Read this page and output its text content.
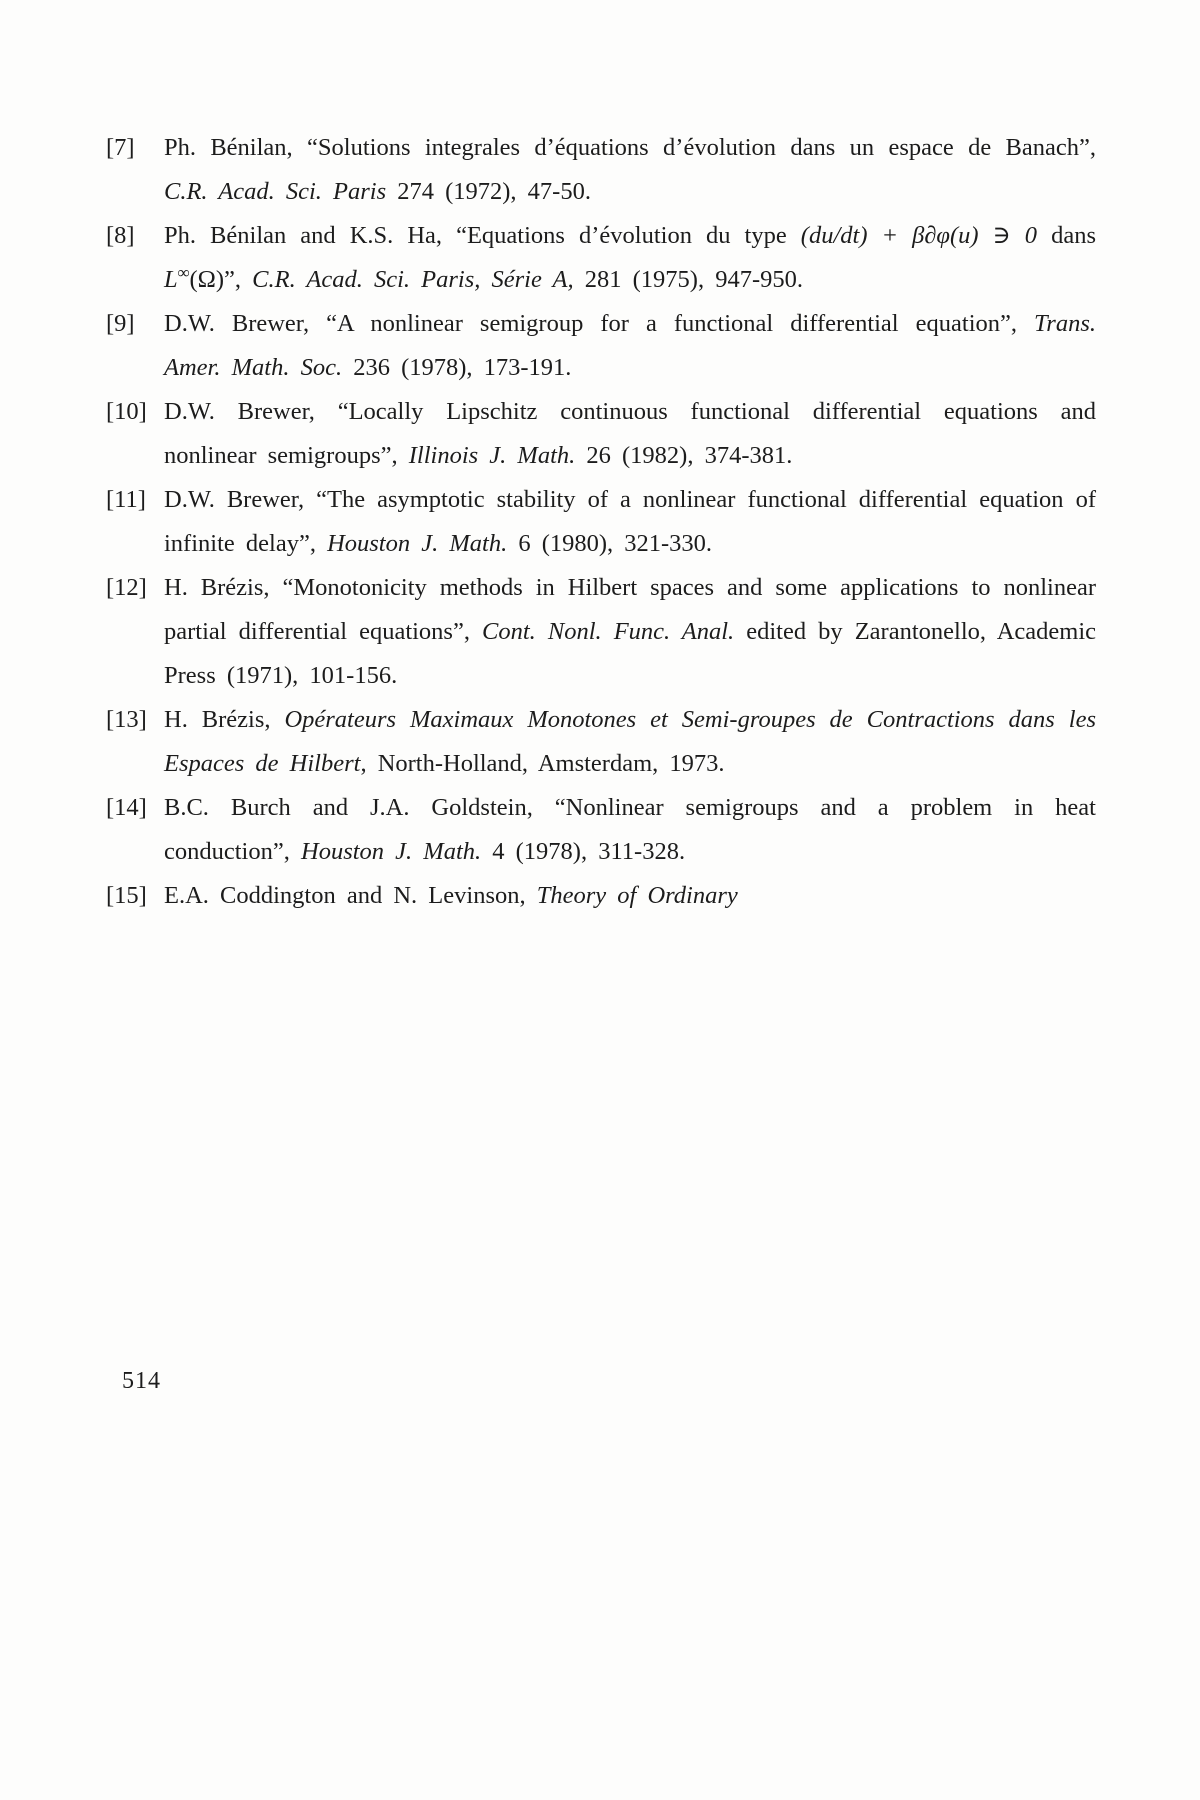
[7]	Ph. Bénilan, “Solutions integrales d’équations d’évolution dans un espace de Banach”, C.R. Acad. Sci. Paris 274 (1972), 47-50.
[8]	Ph. Bénilan and K.S. Ha, “Equations d’évolution du type (du/dt) + β∂φ(u) ∋ 0 dans L∞(Ω)”, C.R. Acad. Sci. Paris, Série A, 281 (1975), 947-950.
[9]	D.W. Brewer, “A nonlinear semigroup for a functional differential equation”, Trans. Amer. Math. Soc. 236 (1978), 173-191.
[10] D.W. Brewer, “Locally Lipschitz continuous functional differential equations and nonlinear semigroups”, Illinois J. Math. 26 (1982), 374-381.
[11] D.W. Brewer, “The asymptotic stability of a nonlinear functional differential equation of infinite delay”, Houston J. Math. 6 (1980), 321-330.
[12] H. Brézis, “Monotonicity methods in Hilbert spaces and some applications to nonlinear partial differential equations”, Cont. Nonl. Func. Anal. edited by Zarantonello, Academic Press (1971), 101-156.
[13] H. Brézis, Opérateurs Maximaux Monotones et Semi-groupes de Contractions dans les Espaces de Hilbert, North-Holland, Amsterdam, 1973.
[14] B.C. Burch and J.A. Goldstein, “Nonlinear semigroups and a problem in heat conduction”, Houston J. Math. 4 (1978), 311-328.
[15] E.A. Coddington and N. Levinson, Theory of Ordinary
514
